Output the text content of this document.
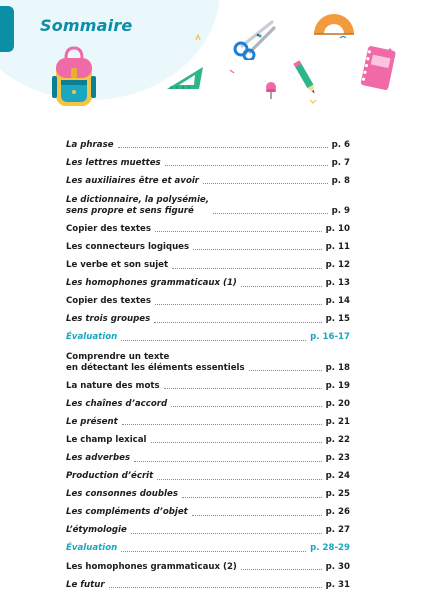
Sommaire
La phrase	p. 6
Les lettres muettes	p. 7
Les auxiliaires être et avoir	p. 8
Le dictionnaire, la polysémie,
sens propre et sens figuré	p. 9
Copier des textes	p. 10
Les connecteurs logiques	p. 11
Le verbe et son sujet	p. 12
Les homophones grammaticaux (1)	p. 13
Copier des textes	p. 14
Les trois groupes	p. 15
Évaluation	p. 16-17
Comprendre un texte
en détectant les éléments essentiels	p. 18
La nature des mots	p. 19
Les chaînes d’accord	p. 20
Le présent	p. 21
Le champ lexical	p. 22
Les adverbes	p. 23
Production d’écrit	p. 24
Les consonnes doubles	p. 25
Les compléments d’objet	p. 26
L’étymologie	p. 27
Évaluation	p. 28-29
Les homophones grammaticaux (2)	p. 30
Le futur	p. 31
